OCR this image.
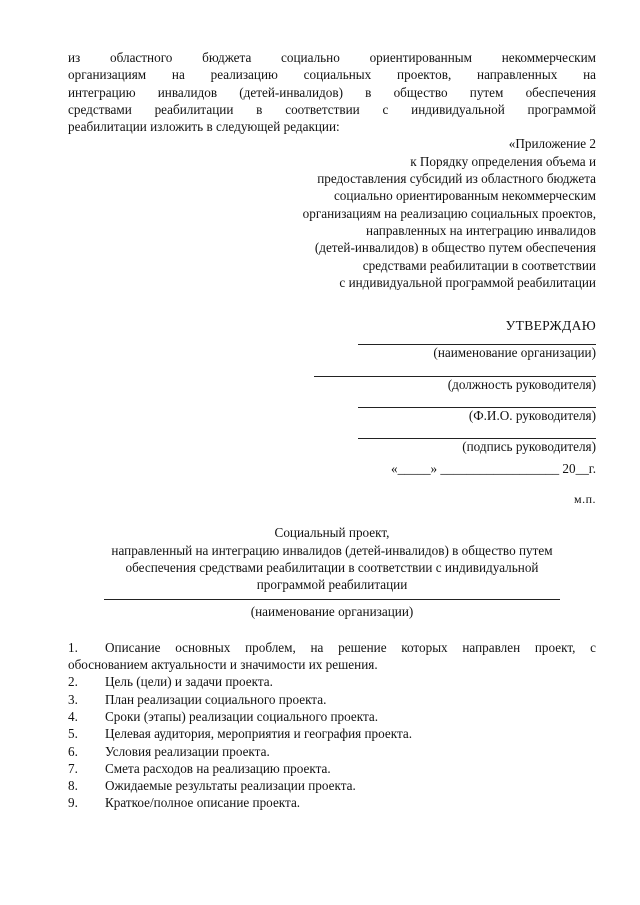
из областного бюджета социально ориентированным некоммерческим

организациям на реализацию социальных проектов, направленных на

интеграцию инвалидов (детей-инвалидов) в общество путем обеспечения

средствами реабилитации в соответствии с индивидуальной программой

реабилитации изложить в следующей редакции:

«Приложение 2
к Порядку определения объема и
предоставления субсидий из областного бюджета
социально ориентированным некоммерческим
организациям на реализацию социальных проектов,
направленных на интеграцию инвалидов
(детей-инвалидов) в общество путем обеспечения
средствами реабилитации в соответствии
с индивидуальной программой реабилитации
УТВЕРЖДАЮ
(наименование организации)
(должность руководителя)
(Ф.И.О. руководителя)
(подпись руководителя)
«_____» __________________ 20__г.
м.п.
Социальный проект,
направленный на интеграцию инвалидов (детей-инвалидов) в общество путем
обеспечения средствами реабилитации в соответствии с индивидуальной
программой реабилитации
(наименование организации)
1.	Описание основных проблем, на решение которых направлен проект, с

обоснованием актуальности и значимости их решения.

2.	Цель (цели) и задачи проекта.
3.	План реализации социального проекта.
4.	Сроки (этапы) реализации социального проекта.
5.	Целевая аудитория, мероприятия и география проекта.
6.	Условия реализации проекта.
7.	Смета расходов на реализацию проекта.
8.	Ожидаемые результаты реализации проекта.
9.	Краткое/полное описание проекта.
